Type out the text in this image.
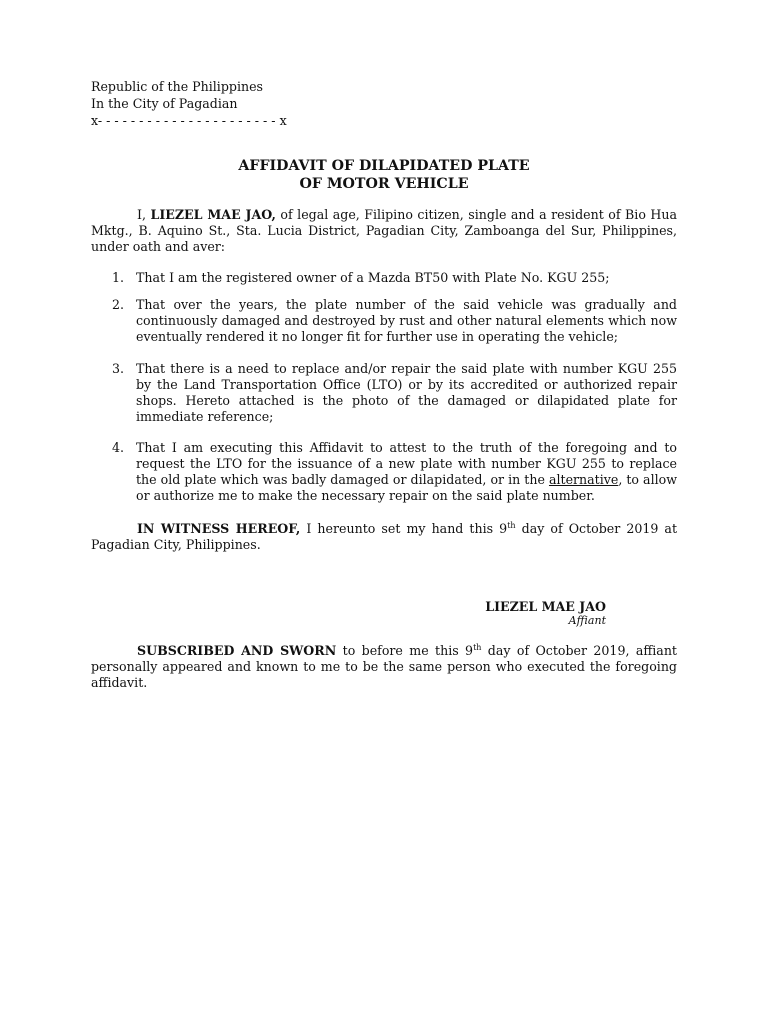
Republic of the Philippines
In the City of Pagadian
x- - - - - - - - - - - - - - - - - - - - - - x
AFFIDAVIT OF DILAPIDATED PLATE
OF MOTOR VEHICLE

I, LIEZEL MAE JAO, of legal age, Filipino citizen, single and a resident of Bio Hua Mktg., B. Aquino St., Sta. Lucia District, Pagadian City, Zamboanga del Sur, Philippines, under oath and aver:

1. That I am the registered owner of a Mazda BT50 with Plate No. KGU 255;
2. That over the years, the plate number of the said vehicle was gradually and continuously damaged and destroyed by rust and other natural elements which now eventually rendered it no longer fit for further use in operating the vehicle;
3. That there is a need to replace and/or repair the said plate with number KGU 255 by the Land Transportation Office (LTO) or by its accredited or authorized repair shops. Hereto attached is the photo of the damaged or dilapidated plate for immediate reference;
4. That I am executing this Affidavit to attest to the truth of the foregoing and to request the LTO for the issuance of a new plate with number KGU 255 to replace the old plate which was badly damaged or dilapidated, or in the alternative, to allow or authorize me to make the necessary repair on the said plate number.

IN WITNESS HEREOF, I hereunto set my hand this 9th day of October 2019 at Pagadian City, Philippines.

LIEZEL MAE JAO
Affiant

SUBSCRIBED AND SWORN to before me this 9th day of October 2019, affiant personally appeared and known to me to be the same person who executed the foregoing affidavit.
